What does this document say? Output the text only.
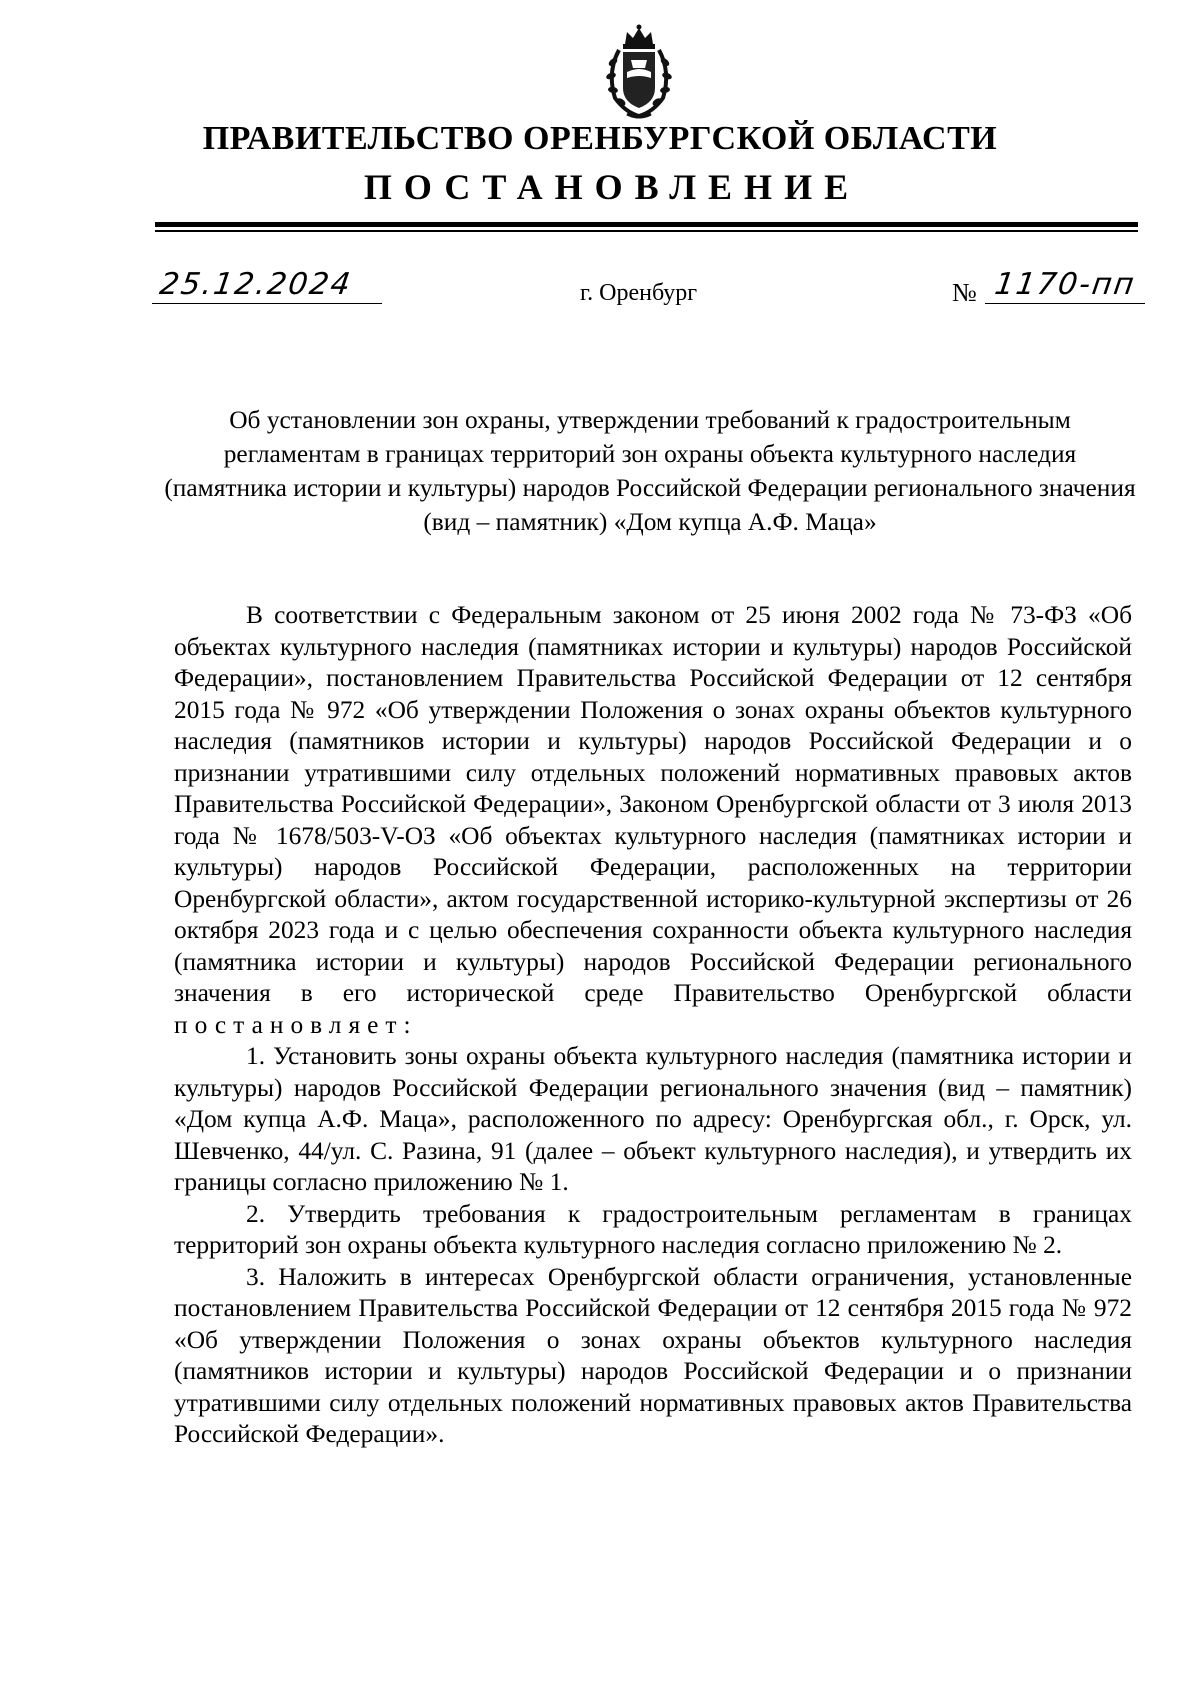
ПРАВИТЕЛЬСТВО ОРЕНБУРГСКОЙ ОБЛАСТИ
ПОСТАНОВЛЕНИЕ
25.12.2024	г. Оренбург	№ 1170-пп
Об установлении зон охраны, утверждении требований к градостроительным регламентам в границах территорий зон охраны объекта культурного наследия (памятника истории и культуры) народов Российской Федерации регионального значения (вид – памятник) «Дом купца А.Ф. Маца»

В соответствии с Федеральным законом от 25 июня 2002 года № 73-ФЗ «Об объектах культурного наследия (памятниках истории и культуры) народов Российской Федерации», постановлением Правительства Российской Федерации от 12 сентября 2015 года № 972 «Об утверждении Положения о зонах охраны объектов культурного наследия (памятников истории и культуры) народов Российской Федерации и о признании утратившими силу отдельных положений нормативных правовых актов Правительства Российской Федерации», Законом Оренбургской области от 3 июля 2013 года № 1678/503-V-ОЗ «Об объектах культурного наследия (памятниках истории и культуры) народов Российской Федерации, расположенных на территории Оренбургской области», актом государственной историко-культурной экспертизы от 26 октября 2023 года и с целью обеспечения сохранности объекта культурного наследия (памятника истории и культуры) народов Российской Федерации регионального значения в его исторической среде Правительство Оренбургской области постановляет:

1. Установить зоны охраны объекта культурного наследия (памятника истории и культуры) народов Российской Федерации регионального значения (вид – памятник) «Дом купца А.Ф. Маца», расположенного по адресу: Оренбургская обл., г. Орск, ул. Шевченко, 44/ул. С. Разина, 91 (далее – объект культурного наследия), и утвердить их границы согласно приложению № 1.

2. Утвердить требования к градостроительным регламентам в границах территорий зон охраны объекта культурного наследия согласно приложению № 2.

3. Наложить в интересах Оренбургской области ограничения, установленные постановлением Правительства Российской Федерации от 12 сентября 2015 года № 972 «Об утверждении Положения о зонах охраны объектов культурного наследия (памятников истории и культуры) народов Российской Федерации и о признании утратившими силу отдельных положений нормативных правовых актов Правительства Российской Федерации».
